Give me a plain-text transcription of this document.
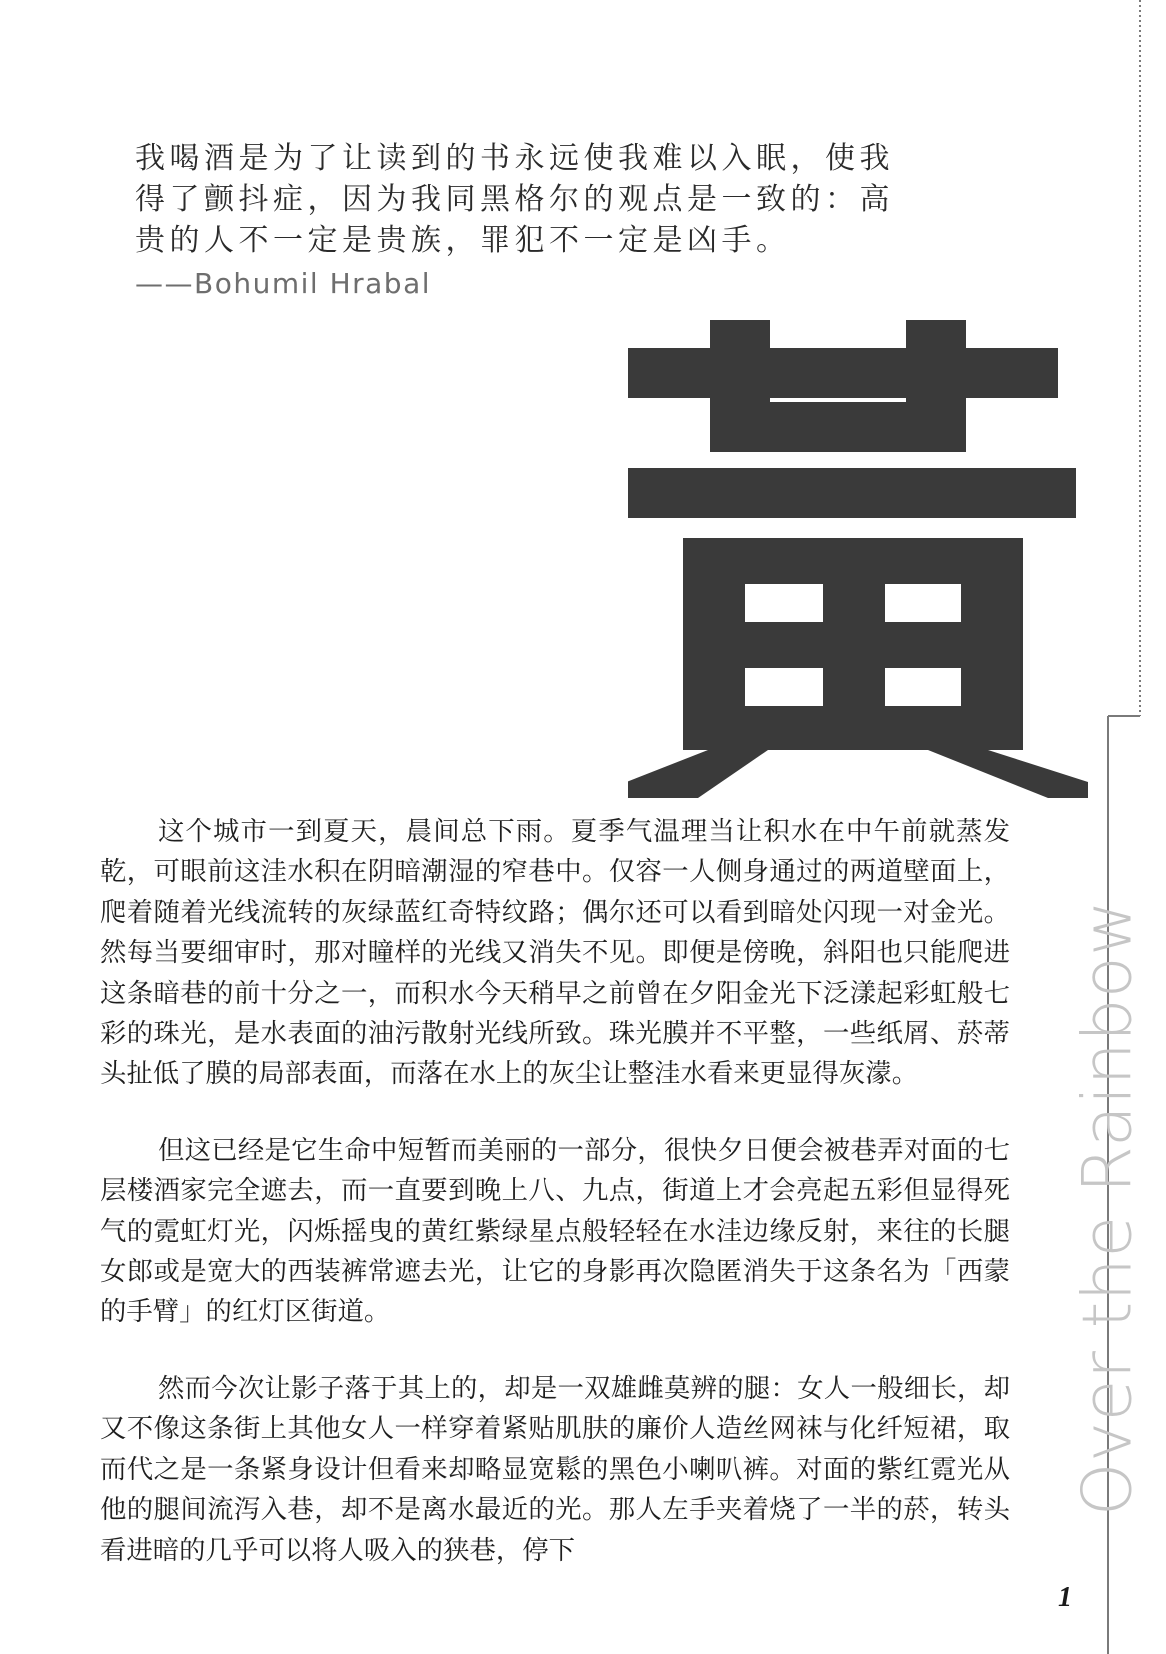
我喝酒是为了让读到的书永远使我难以入眠，使我
得了颤抖症，因为我同黑格尔的观点是一致的：高
贵的人不一定是贵族，罪犯不一定是凶手。
——Bohumil Hrabal

这个城市一到夏天，晨间总下雨。夏季气温理当让积水在中午前就蒸发乾，可眼前这洼水积在阴暗潮湿的窄巷中。仅容一人侧身通过的两道壁面上，爬着随着光线流转的灰绿蓝红奇特纹路；偶尔还可以看到暗处闪现一对金光。然每当要细审时，那对瞳样的光线又消失不见。即便是傍晚，斜阳也只能爬进这条暗巷的前十分之一，而积水今天稍早之前曾在夕阳金光下泛漾起彩虹般七彩的珠光，是水表面的油污散射光线所致。珠光膜并不平整，一些纸屑、菸蒂头扯低了膜的局部表面，而落在水上的灰尘让整洼水看来更显得灰濛。

但这已经是它生命中短暂而美丽的一部分，很快夕日便会被巷弄对面的七层楼酒家完全遮去，而一直要到晚上八、九点，街道上才会亮起五彩但显得死气的霓虹灯光，闪烁摇曳的黄红紫绿星点般轻轻在水洼边缘反射，来往的长腿女郎或是宽大的西装裤常遮去光，让它的身影再次隐匿消失于这条名为「西蒙的手臂」的红灯区街道。

然而今次让影子落于其上的，却是一双雄雌莫辨的腿：女人一般细长，却又不像这条街上其他女人一样穿着紧贴肌肤的廉价人造丝网袜与化纤短裙，取而代之是一条紧身设计但看来却略显宽鬆的黑色小喇叭裤。对面的紫红霓光从他的腿间流泻入巷，却不是离水最近的光。那人左手夹着烧了一半的菸，转头看进暗的几乎可以将人吸入的狭巷，停下

Over the Rainbow
1
